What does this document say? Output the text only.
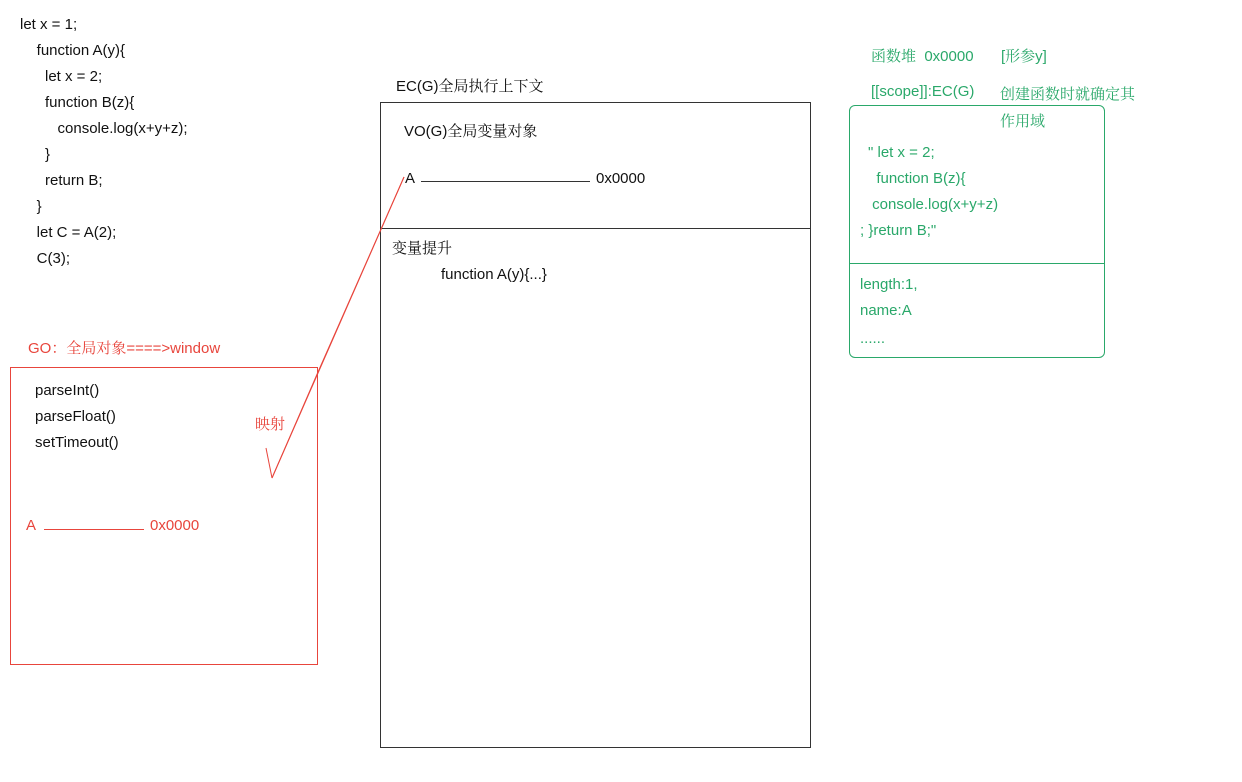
let x = 1;
function A(y){
let x = 2;
function B(z){
console.log(x+y+z);
}
return B;
}
let C = A(2);
C(3);
GO：全局对象====>window
parseInt()
parseFloat()
setTimeout()
A	0x0000
映射
EC(G)全局执行上下文
VO(G)全局变量对象
A	0x0000
变量提升
function A(y){...}
函数堆  0x0000 [形参y]
[[scope]]:EC(G) 创建函数时就确定其
作用域
" let x = 2;
function B(z){
console.log(x+y+z)
; }return B;"
length:1,
name:A
......
